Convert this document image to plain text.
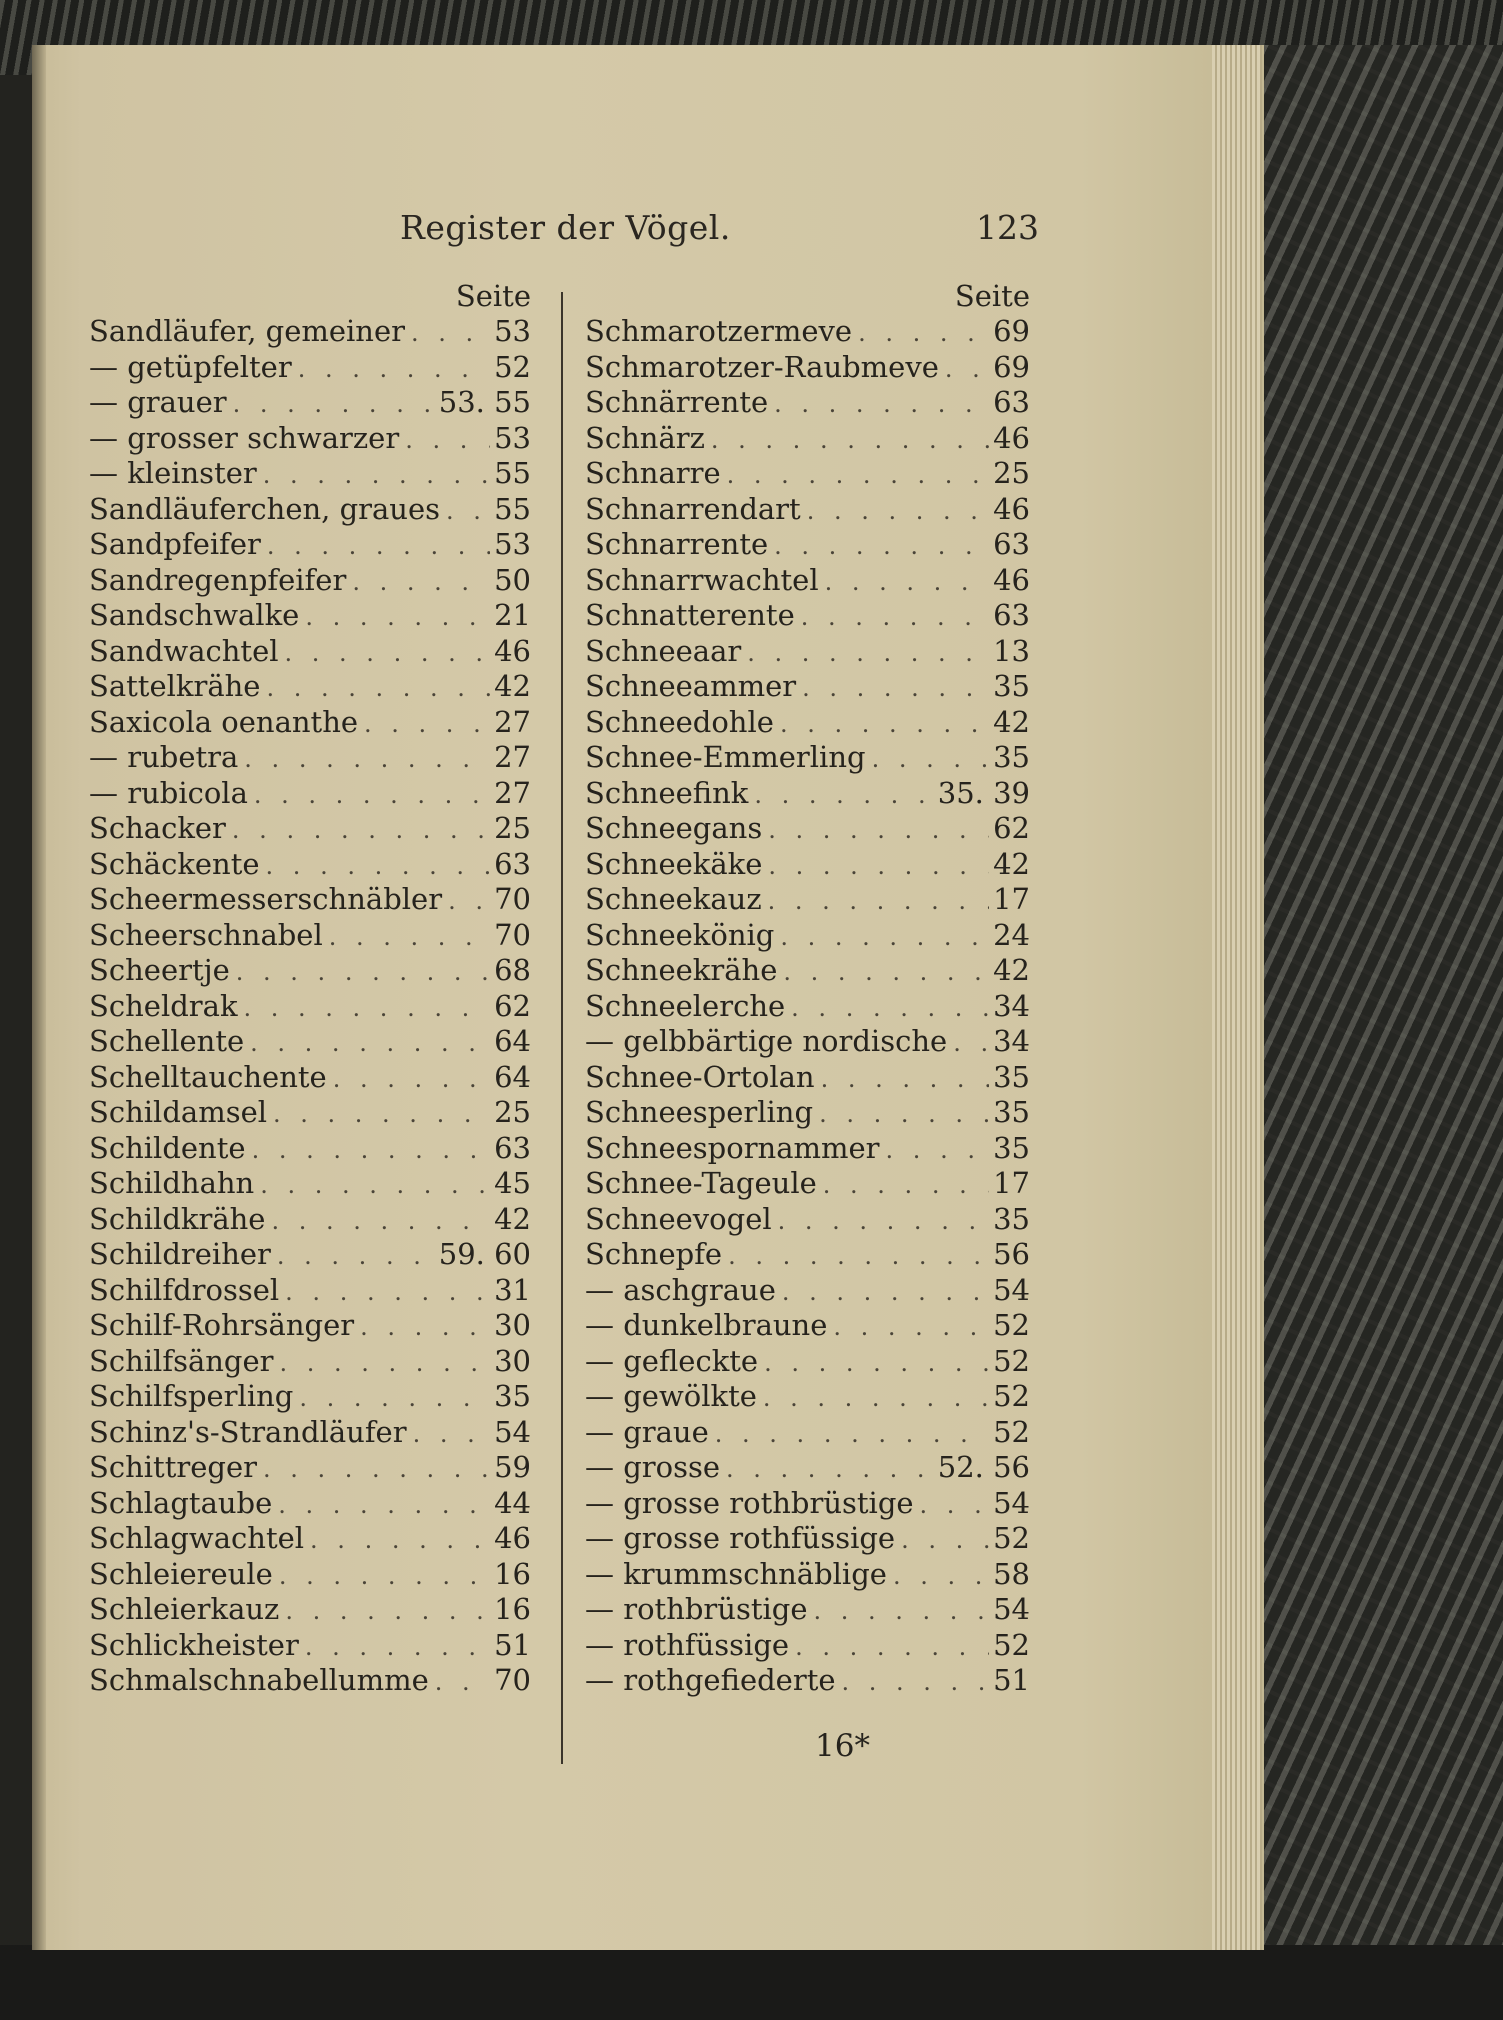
Register der Vögel.	123
Seite
Sandläufer, gemeiner . . .	53
— getüpfelter . . .	52
— grauer . . .	53. 55
— grosser schwarzer . . .	53
— kleinster . . .	55
Sandläuferchen, graues . . . 55
Sandpfeifer . . .	53
Sandregenpfeifer . . .	50
Sandschwalke . . .	21
Sandwachtel . . .	46
Sattelkrähe . . .	42
Saxicola oenanthe . . .	27
— rubetra . . .	27
— rubicola . . .	27
Schacker . . .	25
Schäckente . . .	63
Scheermesserschnäbler . . . 70
Scheerschnabel . . .	70
Scheertje . . .	68
Scheldrak . . .	62
Schellente . . .	64
Schelltauchente . . .	64
Schildamsel . . .	25
Schildente . . .	63
Schildhahn . . .	45
Schildkrähe . . .	42
Schildreiher . . .	59. 60
Schilfdrossel . . .	31
Schilf-Rohrsänger . . .	30
Schilfsänger . . .	30
Schilfsperling . . .	35
Schinz's-Strandläufer . . .	54
Schittreger . . .	59
Schlagtaube . . .	44
Schlagwachtel . . .	46
Schleiereule . . .	16
Schleierkauz . . .	16
Schlickheister . . .	51
Schmalschnabellumme . . . 70
Seite
Schmarotzermeve . . .	69
Schmarotzer-Raubmeve . . . 69
Schnärrente . . .	63
Schnärz . . .	46
Schnarre . . .	25
Schnarrendart . . .	46
Schnarrente . . .	63
Schnarrwachtel . . .	46
Schnatterente . . .	63
Schneeaar . . .	13
Schneeammer . . .	35
Schneedohle . . .	42
Schnee-Emmerling . . .	35
Schneefink . . .	35. 39
Schneegans . . .	62
Schneekäke . . .	42
Schneekauz . . .	17
Schneekönig . . .	24
Schneekrähe . . .	42
Schneelerche . . .	34
— gelbbärtige nordische . . . 34
Schnee-Ortolan . . .	35
Schneesperling . . .	35
Schneespornammer . . .	35
Schnee-Tageule . . .	17
Schneevogel . . .	35
Schnepfe . . .	56
— aschgraue . . .	54
— dunkelbraune . . .	52
— gefleckte . . .	52
— gewölkte . . .	52
— graue . . .	52
— grosse . . .	52. 56
— grosse rothbrüstige . . .	54
— grosse rothfüssige . . .	52
— krummschnäblige . . .	58
— rothbrüstige . . .	54
— rothfüssige . . .	52
— rothgefiederte . . .	51
16*
